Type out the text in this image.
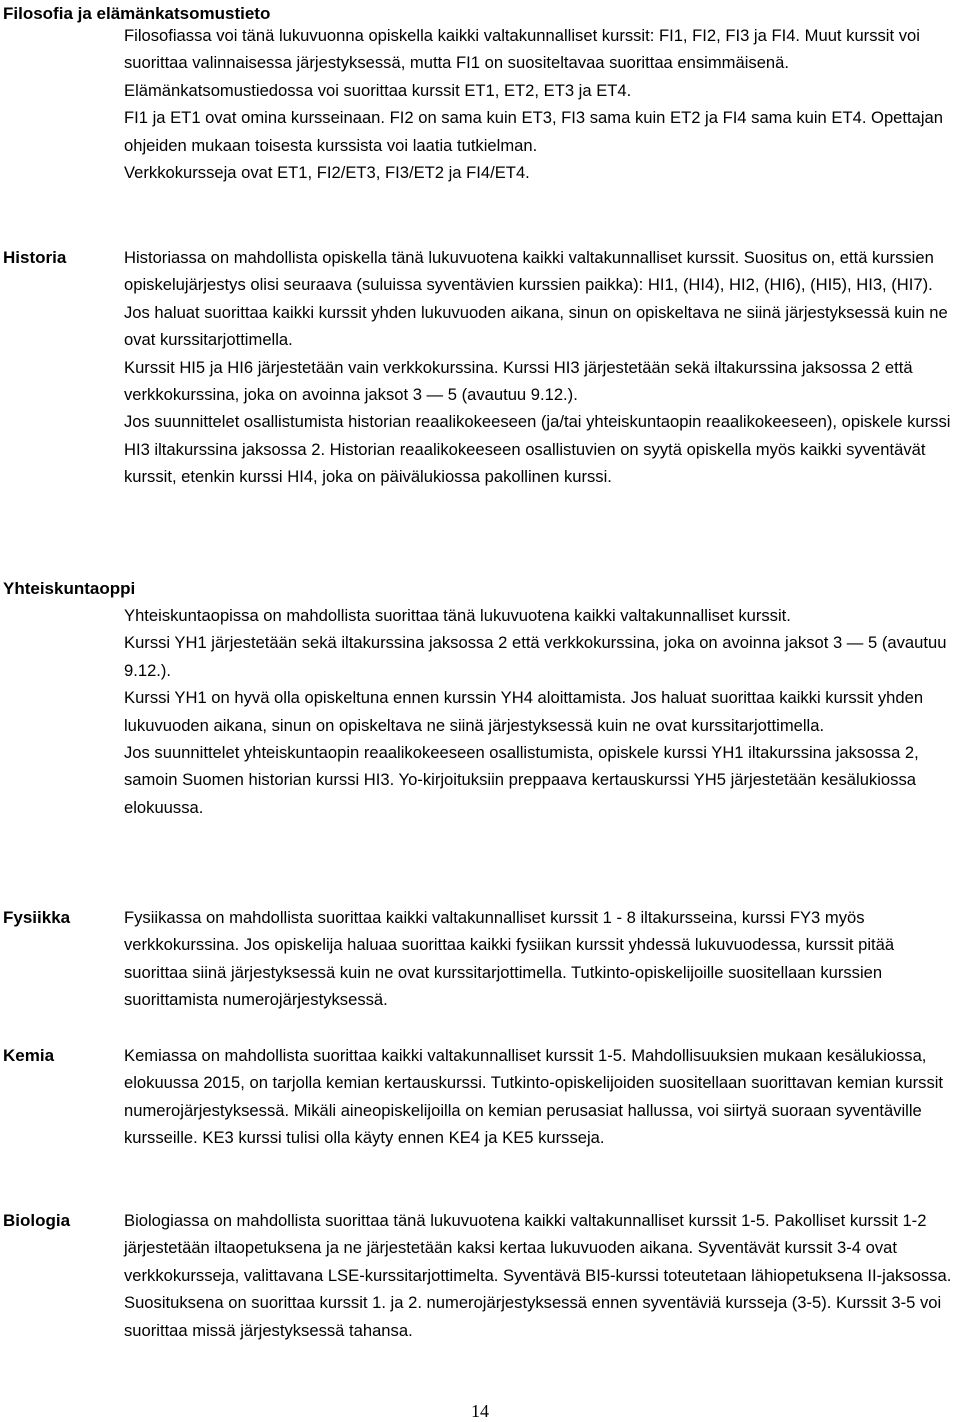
Filosofia ja elämänkatsomustieto

Filosofiassa voi tänä lukuvuonna opiskella kaikki valtakunnalliset kurssit: FI1, FI2, FI3 ja FI4. Muut kurssit voi suorittaa valinnaisessa järjestyksessä, mutta FI1 on suositeltavaa suorittaa ensimmäisenä.

Elämänkatsomustiedossa voi suorittaa kurssit ET1, ET2, ET3 ja ET4.

FI1 ja ET1 ovat omina kursseinaan. FI2 on sama kuin ET3, FI3 sama kuin ET2 ja FI4 sama kuin ET4. Opettajan ohjeiden mukaan toisesta kurssista voi laatia tutkielman.

Verkkokursseja ovat ET1, FI2/ET3, FI3/ET2 ja FI4/ET4.

Historia	Historiassa on mahdollista opiskella tänä lukuvuotena kaikki valtakunnalliset kurssit. Suositus on, että kurssien opiskelujärjestys olisi seuraava (suluissa syventävien kurssien paikka): HI1, (HI4), HI2, (HI6), (HI5), HI3, (HI7). Jos haluat suorittaa kaikki kurssit yhden lukuvuoden aikana, sinun on opiskeltava ne siinä järjestyksessä kuin ne ovat kurssitarjottimella.

Kurssit HI5 ja HI6 järjestetään vain verkkokurssina. Kurssi HI3 järjestetään sekä iltakurssina jaksossa 2 että verkkokurssina, joka on avoinna jaksot 3 — 5 (avautuu 9.12.).

Jos suunnittelet osallistumista historian reaalikokeeseen (ja/tai yhteiskuntaopin reaalikokeeseen), opiskele kurssi HI3 iltakurssina jaksossa 2. Historian reaalikokeeseen osallistuvien on syytä opiskella myös kaikki syventävät kurssit, etenkin kurssi HI4, joka on päivälukiossa pakollinen kurssi.

Yhteiskuntaoppi

Yhteiskuntaopissa on mahdollista suorittaa tänä lukuvuotena kaikki valtakunnalliset kurssit.

Kurssi YH1 järjestetään sekä iltakurssina jaksossa 2 että verkkokurssina, joka on avoinna jaksot 3 — 5 (avautuu 9.12.).

Kurssi YH1 on hyvä olla opiskeltuna ennen kurssin YH4 aloittamista. Jos haluat suorittaa kaikki kurssit yhden lukuvuoden aikana, sinun on opiskeltava ne siinä järjestyksessä kuin ne ovat kurssitarjottimella.

Jos suunnittelet yhteiskuntaopin reaalikokeeseen osallistumista, opiskele kurssi YH1 iltakurssina jaksossa 2, samoin Suomen historian kurssi HI3. Yo-kirjoituksiin preppaava kertauskurssi YH5 järjestetään kesälukiossa elokuussa.

Fysiikka	Fysiikassa on mahdollista suorittaa kaikki valtakunnalliset kurssit 1 - 8 iltakursseina, kurssi FY3 myös verkkokurssina. Jos opiskelija haluaa suorittaa kaikki fysiikan kurssit yhdessä lukuvuodessa, kurssit pitää suorittaa siinä järjestyksessä kuin ne ovat kurssitarjottimella. Tutkinto-opiskelijoille suositellaan kurssien suorittamista numerojärjestyksessä.

Kemia	Kemiassa on mahdollista suorittaa kaikki valtakunnalliset kurssit 1-5. Mahdollisuuksien mukaan kesälukiossa, elokuussa 2015, on tarjolla kemian kertauskurssi. Tutkinto-opiskelijoiden suositellaan suorittavan kemian kurssit numerojärjestyksessä. Mikäli aineopiskelijoilla on kemian perusasiat hallussa, voi siirtyä suoraan syventäville kursseille. KE3 kurssi tulisi olla käyty ennen KE4 ja KE5 kursseja.

Biologia	Biologiassa on mahdollista suorittaa tänä lukuvuotena kaikki valtakunnalliset kurssit 1-5. Pakolliset kurssit 1-2 järjestetään iltaopetuksena ja ne järjestetään kaksi kertaa lukuvuoden aikana. Syventävät kurssit 3-4 ovat verkkokursseja, valittavana LSE-kurssitarjottimelta. Syventävä BI5-kurssi toteutetaan lähiopetuksena II-jaksossa. Suosituksena on suorittaa kurssit 1. ja 2. numerojärjestyksessä ennen syventäviä kursseja (3-5). Kurssit 3-5 voi suorittaa missä järjestyksessä tahansa.

14
